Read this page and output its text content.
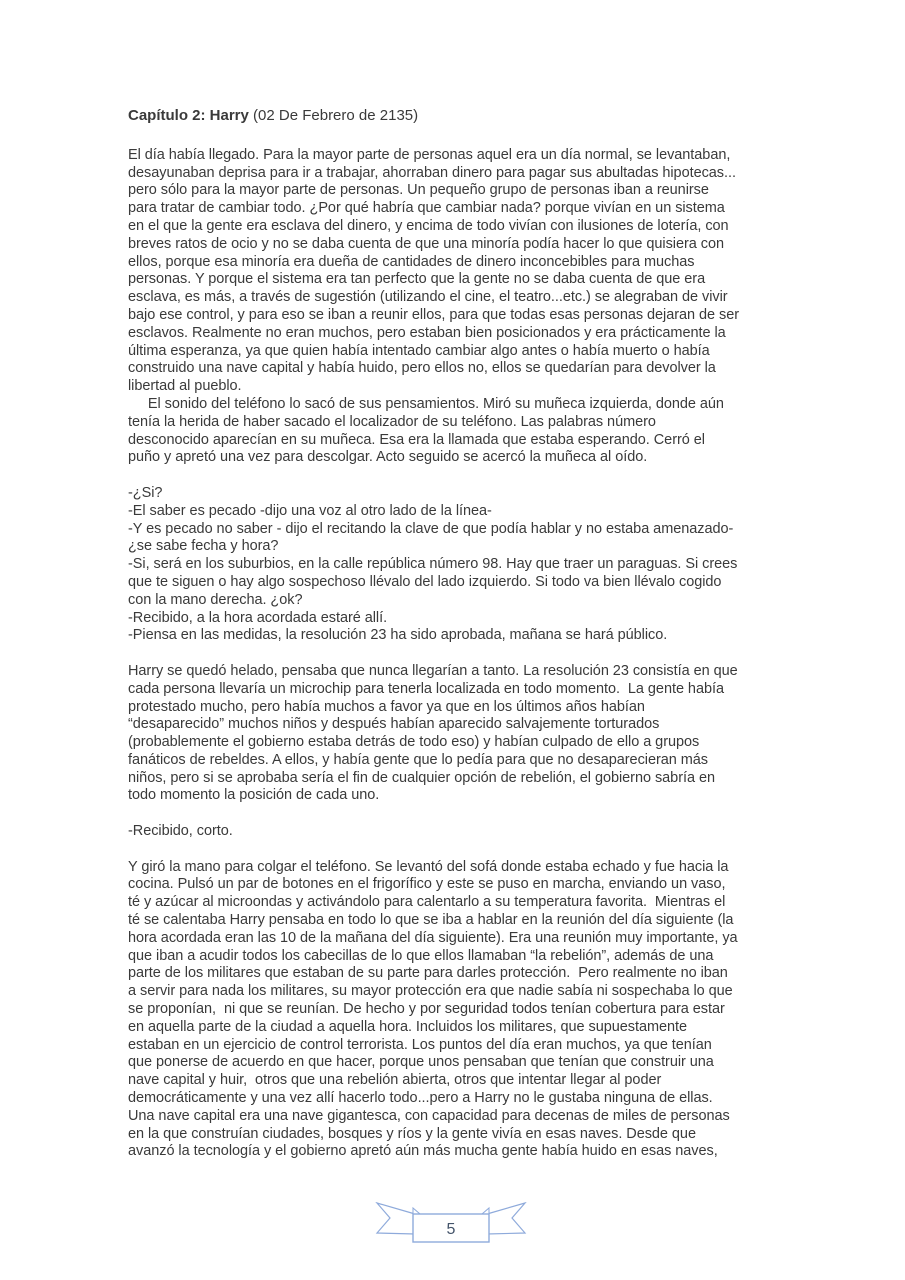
Capítulo 2: Harry (02 De Febrero de 2135)
El día había llegado. Para la mayor parte de personas aquel era un día normal, se levantaban,
desayunaban deprisa para ir a trabajar, ahorraban dinero para pagar sus abultadas hipotecas...
pero sólo para la mayor parte de personas. Un pequeño grupo de personas iban a reunirse
para tratar de cambiar todo. ¿Por qué habría que cambiar nada? porque vivían en un sistema
en el que la gente era esclava del dinero, y encima de todo vivían con ilusiones de lotería, con
breves ratos de ocio y no se daba cuenta de que una minoría podía hacer lo que quisiera con
ellos, porque esa minoría era dueña de cantidades de dinero inconcebibles para muchas
personas. Y porque el sistema era tan perfecto que la gente no se daba cuenta de que era
esclava, es más, a través de sugestión (utilizando el cine, el teatro...etc.) se alegraban de vivir
bajo ese control, y para eso se iban a reunir ellos, para que todas esas personas dejaran de ser
esclavos. Realmente no eran muchos, pero estaban bien posicionados y era prácticamente la
última esperanza, ya que quien había intentado cambiar algo antes o había muerto o había
construido una nave capital y había huido, pero ellos no, ellos se quedarían para devolver la
libertad al pueblo.
El sonido del teléfono lo sacó de sus pensamientos. Miró su muñeca izquierda, donde aún
tenía la herida de haber sacado el localizador de su teléfono. Las palabras número
desconocido aparecían en su muñeca. Esa era la llamada que estaba esperando. Cerró el
puño y apretó una vez para descolgar. Acto seguido se acercó la muñeca al oído.
-¿Si?
-El saber es pecado -dijo una voz al otro lado de la línea-
-Y es pecado no saber - dijo el recitando la clave de que podía hablar y no estaba amenazado-
¿se sabe fecha y hora?
-Si, será en los suburbios, en la calle república número 98. Hay que traer un paraguas. Si crees
que te siguen o hay algo sospechoso llévalo del lado izquierdo. Si todo va bien llévalo cogido
con la mano derecha. ¿ok?
-Recibido, a la hora acordada estaré allí.
-Piensa en las medidas, la resolución 23 ha sido aprobada, mañana se hará público.
Harry se quedó helado, pensaba que nunca llegarían a tanto. La resolución 23 consistía en que
cada persona llevaría un microchip para tenerla localizada en todo momento.  La gente había
protestado mucho, pero había muchos a favor ya que en los últimos años habían
“desaparecido” muchos niños y después habían aparecido salvajemente torturados
(probablemente el gobierno estaba detrás de todo eso) y habían culpado de ello a grupos
fanáticos de rebeldes. A ellos, y había gente que lo pedía para que no desaparecieran más
niños, pero si se aprobaba sería el fin de cualquier opción de rebelión, el gobierno sabría en
todo momento la posición de cada uno.
-Recibido, corto.
Y giró la mano para colgar el teléfono. Se levantó del sofá donde estaba echado y fue hacia la
cocina. Pulsó un par de botones en el frigorífico y este se puso en marcha, enviando un vaso,
té y azúcar al microondas y activándolo para calentarlo a su temperatura favorita.  Mientras el
té se calentaba Harry pensaba en todo lo que se iba a hablar en la reunión del día siguiente (la
hora acordada eran las 10 de la mañana del día siguiente). Era una reunión muy importante, ya
que iban a acudir todos los cabecillas de lo que ellos llamaban “la rebelión”, además de una
parte de los militares que estaban de su parte para darles protección.  Pero realmente no iban
a servir para nada los militares, su mayor protección era que nadie sabía ni sospechaba lo que
se proponían,  ni que se reunían. De hecho y por seguridad todos tenían cobertura para estar
en aquella parte de la ciudad a aquella hora. Incluidos los militares, que supuestamente
estaban en un ejercicio de control terrorista. Los puntos del día eran muchos, ya que tenían
que ponerse de acuerdo en que hacer, porque unos pensaban que tenían que construir una
nave capital y huir,  otros que una rebelión abierta, otros que intentar llegar al poder
democráticamente y una vez allí hacerlo todo...pero a Harry no le gustaba ninguna de ellas.
Una nave capital era una nave gigantesca, con capacidad para decenas de miles de personas
en la que construían ciudades, bosques y ríos y la gente vivía en esas naves. Desde que
avanzó la tecnología y el gobierno apretó aún más mucha gente había huido en esas naves,
5
